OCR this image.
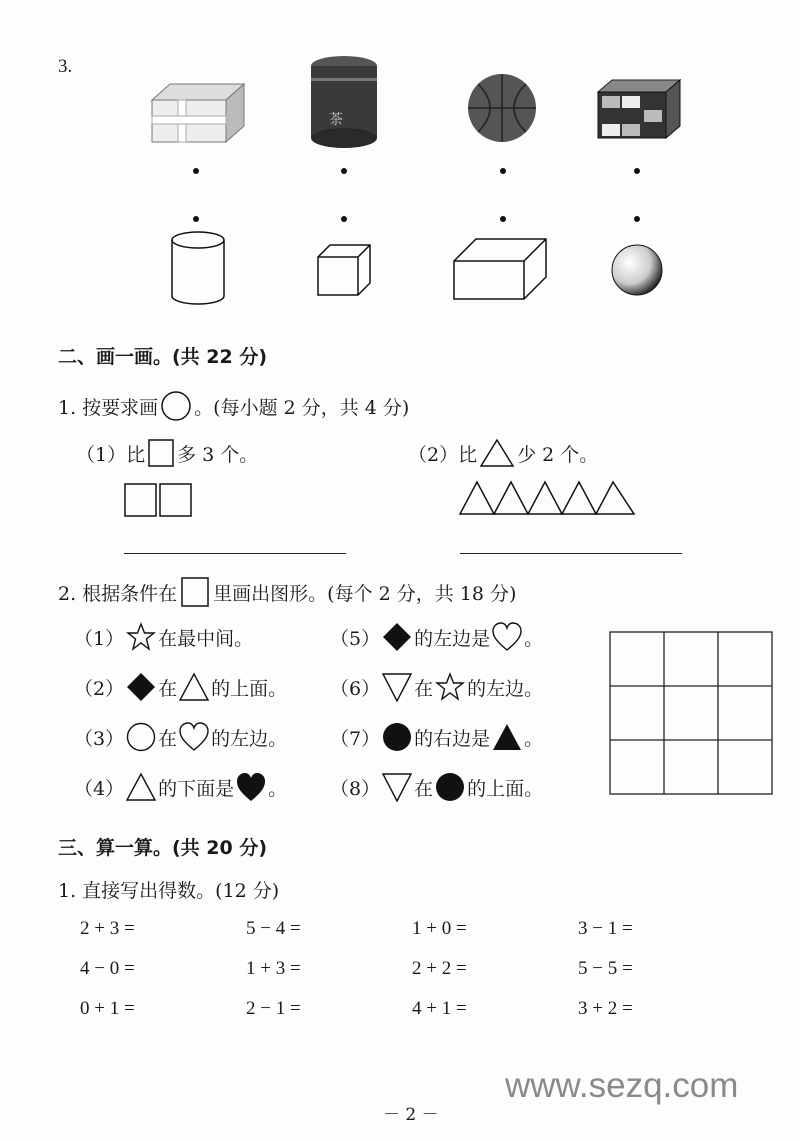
3.
茶
二、画一画。(共 22 分)
1. 按要求画 。(每小题 2 分，共 4 分)
（1）比 多 3 个。	（2）比 少 2 个。
2. 根据条件在 里画出图形。(每个 2 分，共 18 分)
（1） 在最中间。
（2） 在 的上面。
（3） 在 的左边。
（4） 的下面是 。
（5） 的左边是 。
（6） 在 的左边。
（7） 的右边是 。
（8） 在 的上面。
三、算一算。(共 20 分)
1. 直接写出得数。(12 分)
2 + 3 =	5 − 4 =	1 + 0 =	3 − 1 =
4 − 0 =	1 + 3 =	2 + 2 =	5 − 5 =
0 + 1 =	2 − 1 =	4 + 1 =	3 + 2 =
www.sezq.com
－ 2 －
